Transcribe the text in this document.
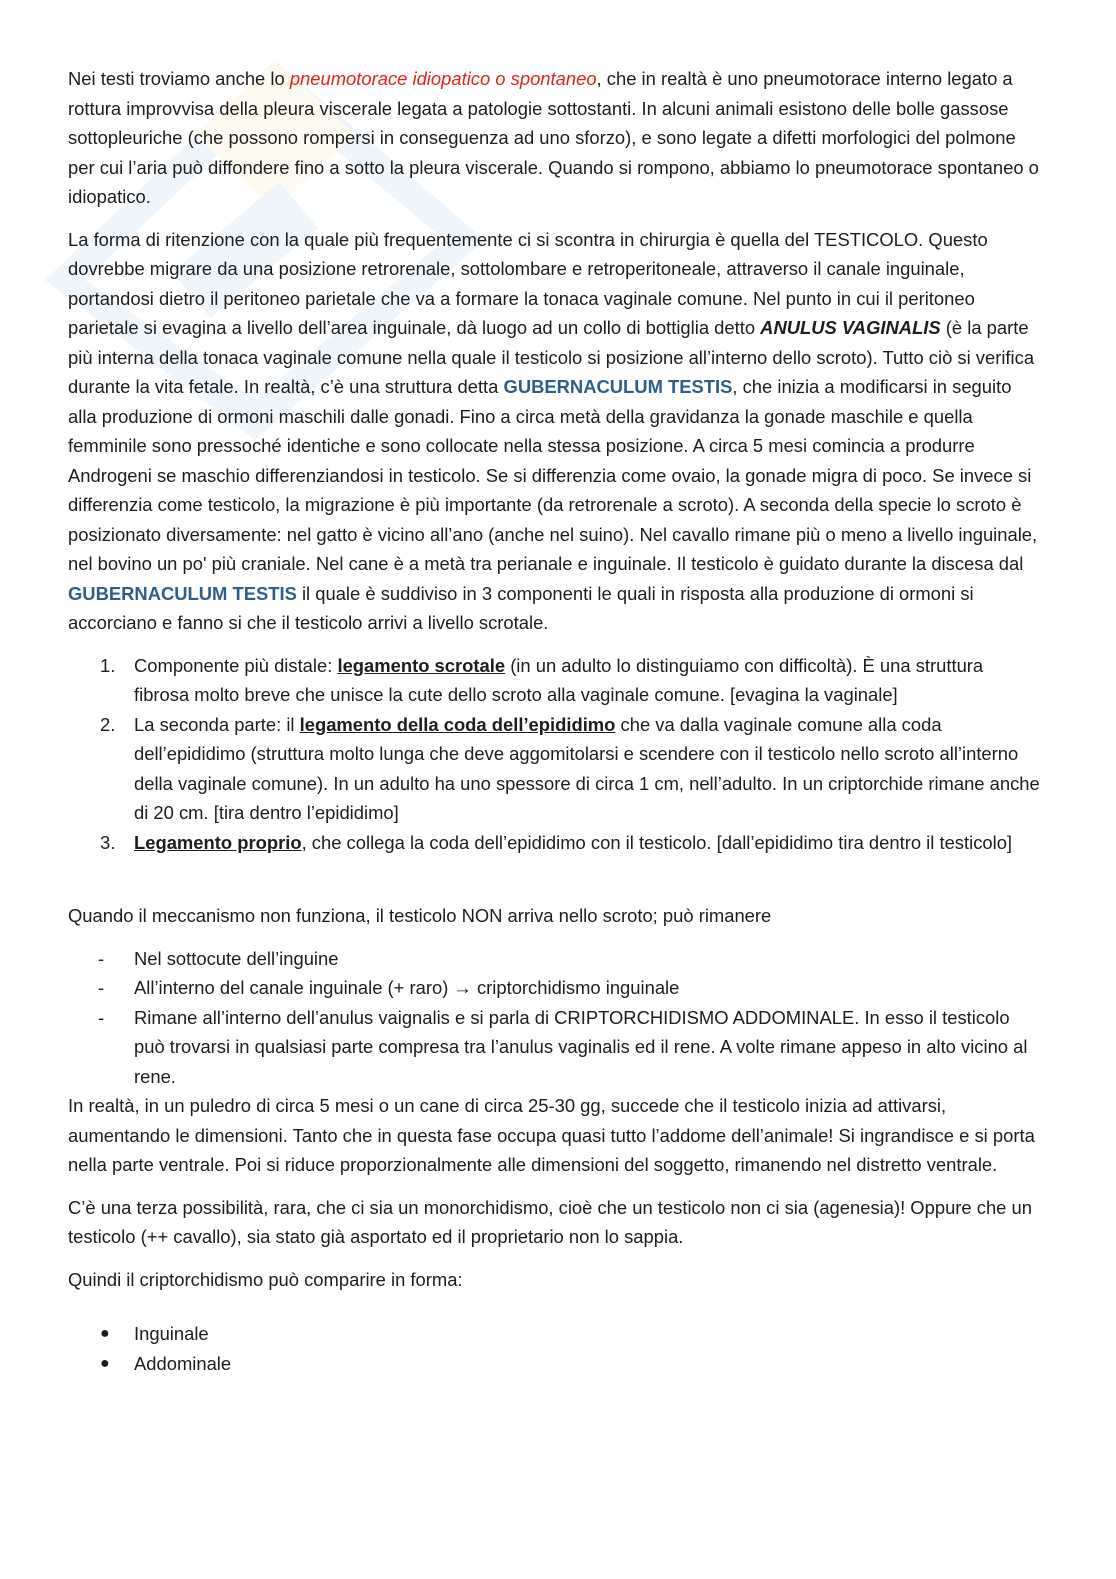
Nei testi troviamo anche lo pneumotorace idiopatico o spontaneo, che in realtà è uno pneumotorace interno legato a rottura improvvisa della pleura viscerale legata a patologie sottostanti. In alcuni animali esistono delle bolle gassose sottopleuriche (che possono rompersi in conseguenza ad uno sforzo), e sono legate a difetti morfologici del polmone per cui l’aria può diffondere fino a sotto la pleura viscerale. Quando si rompono, abbiamo lo pneumotorace spontaneo o idiopatico.

La forma di ritenzione con la quale più frequentemente ci si scontra in chirurgia è quella del TESTICOLO. Questo dovrebbe migrare da una posizione retrorenale, sottolombare e retroperitoneale, attraverso il canale inguinale, portandosi dietro il peritoneo parietale che va a formare la tonaca vaginale comune. Nel punto in cui il peritoneo parietale si evagina a livello dell’area inguinale, dà luogo ad un collo di bottiglia detto ANULUS VAGINALIS (è la parte più interna della tonaca vaginale comune nella quale il testicolo si posizione all’interno dello scroto). Tutto ciò si verifica durante la vita fetale. In realtà, c’è una struttura detta GUBERNACULUM TESTIS, che inizia a modificarsi in seguito alla produzione di ormoni maschili dalle gonadi. Fino a circa metà della gravidanza la gonade maschile e quella femminile sono pressoché identiche e sono collocate nella stessa posizione. A circa 5 mesi comincia a produrre Androgeni se maschio differenziandosi in testicolo. Se si differenzia come ovaio, la gonade migra di poco. Se invece si differenzia come testicolo, la migrazione è più importante (da retrorenale a scroto). A seconda della specie lo scroto è posizionato diversamente: nel gatto è vicino all’ano (anche nel suino). Nel cavallo rimane più o meno a livello inguinale, nel bovino un po' più craniale. Nel cane è a metà tra perianale e inguinale. Il testicolo è guidato durante la discesa dal GUBERNACULUM TESTIS il quale è suddiviso in 3 componenti le quali in risposta alla produzione di ormoni si accorciano e fanno si che il testicolo arrivi a livello scrotale.

1. Componente più distale: legamento scrotale (in un adulto lo distinguiamo con difficoltà). È una struttura fibrosa molto breve che unisce la cute dello scroto alla vaginale comune. [evagina la vaginale]
2. La seconda parte: il legamento della coda dell’epididimo che va dalla vaginale comune alla coda dell’epididimo (struttura molto lunga che deve aggomitolarsi e scendere con il testicolo nello scroto all’interno della vaginale comune). In un adulto ha uno spessore di circa 1 cm, nell’adulto. In un criptorchide rimane anche di 20 cm. [tira dentro l’epididimo]
3. Legamento proprio, che collega la coda dell’epididimo con il testicolo. [dall’epididimo tira dentro il testicolo]

Quando il meccanismo non funziona, il testicolo NON arriva nello scroto; può rimanere

- Nel sottocute dell’inguine
- All’interno del canale inguinale (+ raro) → criptorchidismo inguinale
- Rimane all’interno dell’anulus vaignalis e si parla di CRIPTORCHIDISMO ADDOMINALE. In esso il testicolo può trovarsi in qualsiasi parte compresa tra l’anulus vaginalis ed il rene. A volte rimane appeso in alto vicino al rene.

In realtà, in un puledro di circa 5 mesi o un cane di circa 25-30 gg, succede che il testicolo inizia ad attivarsi, aumentando le dimensioni. Tanto che in questa fase occupa quasi tutto l’addome dell’animale! Si ingrandisce e si porta nella parte ventrale. Poi si riduce proporzionalmente alle dimensioni del soggetto, rimanendo nel distretto ventrale.

C’è una terza possibilità, rara, che ci sia un monorchidismo, cioè che un testicolo non ci sia (agenesia)! Oppure che un testicolo (++ cavallo), sia stato già asportato ed il proprietario non lo sappia.

Quindi il criptorchidismo può comparire in forma:

● Inguinale
● Addominale
